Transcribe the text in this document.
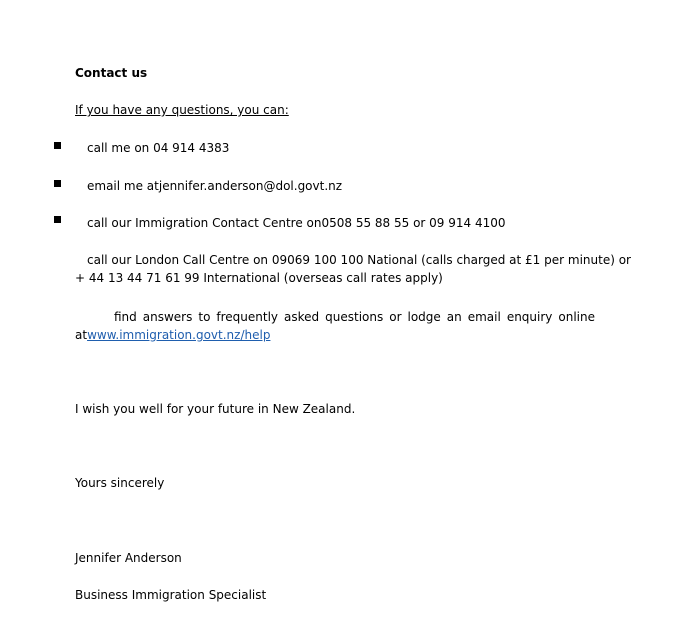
Contact us
If you have any questions, you can:
call me on 04 914 4383
email me atjennifer.anderson@dol.govt.nz
call our Immigration Contact Centre on0508 55 88 55 or 09 914 4100
call our London Call Centre on 09069 100 100 National (calls charged at £1 per minute) or
+ 44 13 44 71 61 99 International (overseas call rates apply)
find answers to frequently asked questions or lodge an email enquiry online
atwww.immigration.govt.nz/help
I wish you well for your future in New Zealand.
Yours sincerely
Jennifer Anderson
Business Immigration Specialist
